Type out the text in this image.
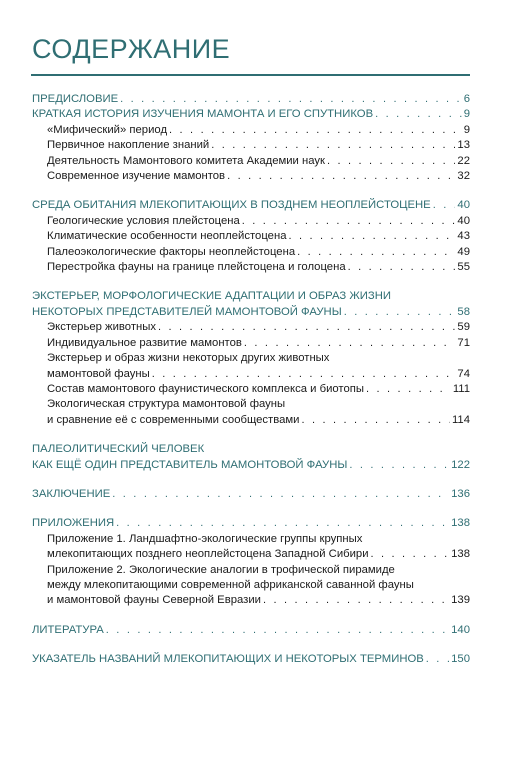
СОДЕРЖАНИЕ
ПРЕДИСЛОВИЕ . . .	6
КРАТКАЯ ИСТОРИЯ ИЗУЧЕНИЯ МАМОНТА И ЕГО СПУТНИКОВ . . .	9
«Мифический» период . . .	9
Первичное накопление знаний . . .	13
Деятельность Мамонтового комитета Академии наук . . .	22
Современное изучение мамонтов . . .	32
СРЕДА ОБИТАНИЯ МЛЕКОПИТАЮЩИХ В ПОЗДНЕМ НЕОПЛЕЙСТОЦЕНЕ . . . 40
Геологические условия плейстоцена . . .	40
Климатические особенности неоплейстоцена . . .	43
Палеоэкологические факторы неоплейстоцена . . .	49
Перестройка фауны на границе плейстоцена и голоцена . . .	55
ЭКСТЕРЬЕР, МОРФОЛОГИЧЕСКИЕ АДАПТАЦИИ И ОБРАЗ ЖИЗНИ
НЕКОТОРЫХ ПРЕДСТАВИТЕЛЕЙ МАМОНТОВОЙ ФАУНЫ . . .	58
Экстерьер животных . . .	59
Индивидуальное развитие мамонтов . . .	71
Экстерьер и образ жизни некоторых других животных
мамонтовой фауны . . .	74
Состав мамонтового фаунистического комплекса и биотопы . . .	111
Экологическая структура мамонтовой фауны
и сравнение её с современными сообществами . . .	114
ПАЛЕОЛИТИЧЕСКИЙ ЧЕЛОВЕК
КАК ЕЩЁ ОДИН ПРЕДСТАВИТЕЛЬ МАМОНТОВОЙ ФАУНЫ . . .	122
ЗАКЛЮЧЕНИЕ . . .	136
ПРИЛОЖЕНИЯ . . .	138
Приложение 1. Ландшафтно-экологические группы крупных
млекопитающих позднего неоплейстоцена Западной Сибири . . .	138
Приложение 2. Экологические аналогии в трофической пирамиде
между млекопитающими современной африканской саванной фауны
и мамонтовой фауны Северной Евразии . . .	139
ЛИТЕРАТУРА . . .	140
УКАЗАТЕЛЬ НАЗВАНИЙ МЛЕКОПИТАЮЩИХ И НЕКОТОРЫХ ТЕРМИНОВ . . . 150
